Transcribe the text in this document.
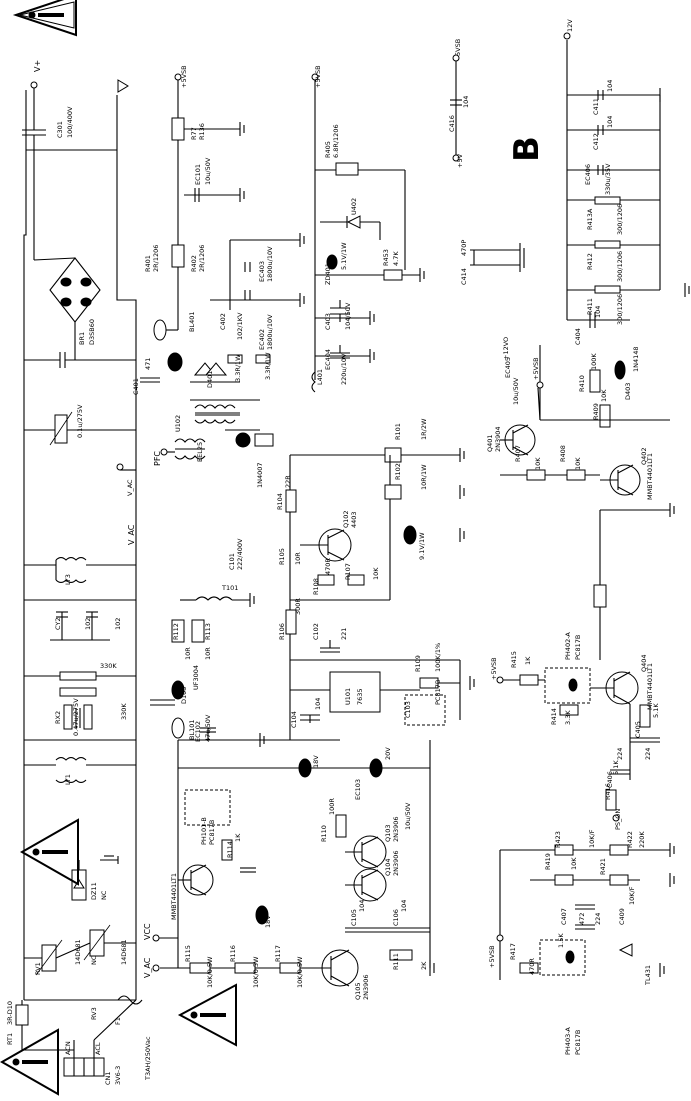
B
V+
C301 100/400V
BR1 D3SB60
V_AC
0.1u/275V
LY3
LY1
CY2	102	102
330K
RX2 0.47u/275V	330K
DZ11 NC
RV1
14D681 NC	14D681
RV3
F1
T3AH/250Vac
RT1
3R-D10
ACN	ACL
CN1 3V6-3
+5VSB
R77 R136
EC101 10u/50V
R401 2R/1206	R402 2R/1206	EC403 1800u/10V
EC402 1800u/10V
C402 102/1KV
3.3R/1W	3.3R/1W
D401
C401
471
BL401
U102
EEL25
PFC
V_AC
+5VSB
R405 6.8R/1206
U402
ZD401
5.1V/1W	R453 4.7K
C403 104/50V
EC404 220u/10V
L401
5VSB
+5V
12V
C416
104
C414
470P
C411
104
C412
104
EC406 330u/35V
R413A	300/1206
R412	300/1206
R411	300/1206
C404
104
Q401 2N3904
Q402
MMBT4401LT1
Q404
MMBT4401LT1
MMBT4401LT1
Q102 4403
Q103 2N3906
Q104 2N3906
Q105 2N3906
U101 7635
TL431
PC817B
PH402-A PC817B
PH403-A PC817B
PH101-B PC817B
R101	1R/2W
R102	10R/1W
R104
22R
R105 10R
300R
R106
R107	10K
R108
470R
R109 100K/1%
R110
100R
R111	2K
R112
10R
R113
10R
R114
1K
R115
10K/0.5W
R116
10K/0.5W
R117
10K/0.5W
R407
10K
R408
10K
R409
10K
R410
100K
R414 3.3K
R415 1K
R416
5.1K
R417
470R
1.5K
R419	10K
5.1K
R421
10K/F
R422 220K
R423	10K/F
C101 222/400V
C102	221
C103
C104
104
C105
104
C106
104
EC102 47u/50V
EC103
10u/50V
C405
224
C406
224
C407 472 224 C409
EC405
10u/50V
1N4007
UF3004
D103
D403
1N4148
9.1V/1W
20V
18V
18V
T101
BL101
VCC
V_AC
+12VO
+5VSB
+5VSB
PS_ON
+5VSB
